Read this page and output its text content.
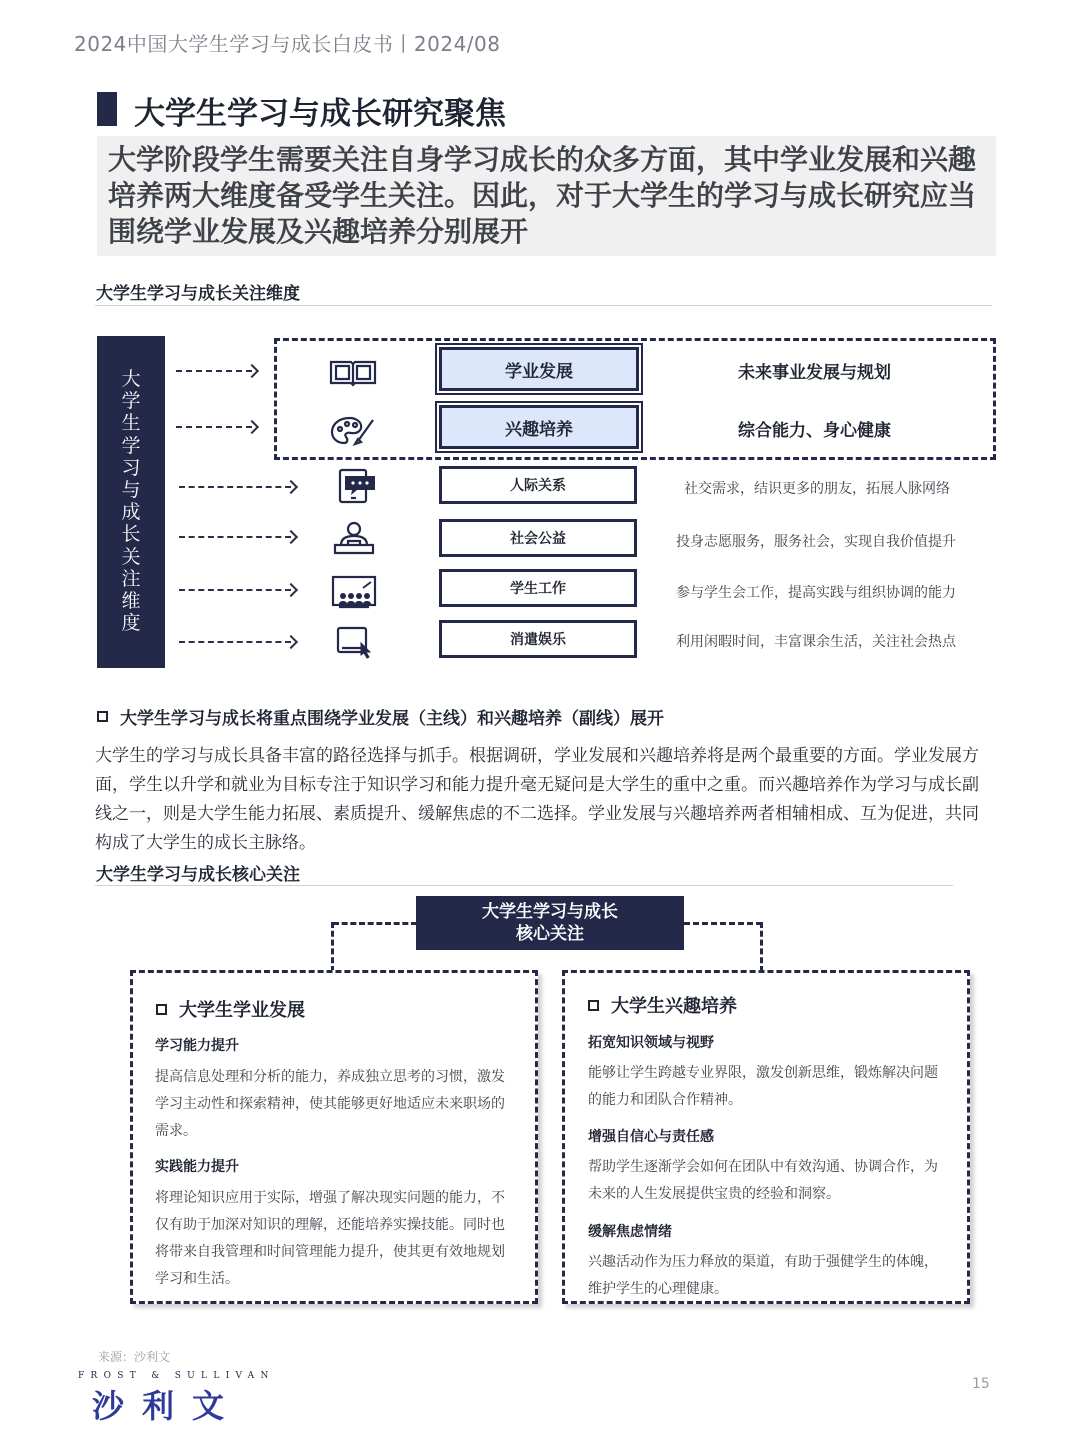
2024中国大学生学习与成长白皮书丨2024/08
大学生学习与成长研究聚焦
大学阶段学生需要关注自身学习成长的众多方面，其中学业发展和兴趣培养两大维度备受学生关注。因此，对于大学生的学习与成长研究应当围绕学业发展及兴趣培养分别展开
大学生学习与成长关注维度
大
学
生
学
习
与
成
长
关
注
维
度
学业发展	未来事业发展与规划
兴趣培养	综合能力、身心健康
人际关系	社交需求，结识更多的朋友，拓展人脉网络
社会公益	投身志愿服务，服务社会，实现自我价值提升
学生工作	参与学生会工作，提高实践与组织协调的能力
消遣娱乐	利用闲暇时间，丰富课余生活，关注社会热点
大学生学习与成长将重点围绕学业发展（主线）和兴趣培养（副线）展开
大学生的学习与成长具备丰富的路径选择与抓手。根据调研，学业发展和兴趣培养将是两个最重要的方面。学业发展方面，学生以升学和就业为目标专注于知识学习和能力提升毫无疑问是大学生的重中之重。而兴趣培养作为学习与成长副线之一，则是大学生能力拓展、素质提升、缓解焦虑的不二选择。学业发展与兴趣培养两者相辅相成、互为促进，共同构成了大学生的成长主脉络。
大学生学习与成长核心关注
大学生学习与成长
核心关注
大学生学业发展
学习能力提升
提高信息处理和分析的能力，养成独立思考的习惯，激发学习主动性和探索精神，使其能够更好地适应未来职场的需求。
实践能力提升
将理论知识应用于实际，增强了解决现实问题的能力，不仅有助于加深对知识的理解，还能培养实操技能。同时也将带来自我管理和时间管理能力提升，使其更有效地规划学习和生活。
大学生兴趣培养
拓宽知识领域与视野
能够让学生跨越专业界限，激发创新思维，锻炼解决问题的能力和团队合作精神。
增强自信心与责任感
帮助学生逐渐学会如何在团队中有效沟通、协调合作，为未来的人生发展提供宝贵的经验和洞察。
缓解焦虑情绪
兴趣活动作为压力释放的渠道，有助于强健学生的体魄，维护学生的心理健康。
来源：沙利文
FROST & SULLIVAN
沙利文
15
